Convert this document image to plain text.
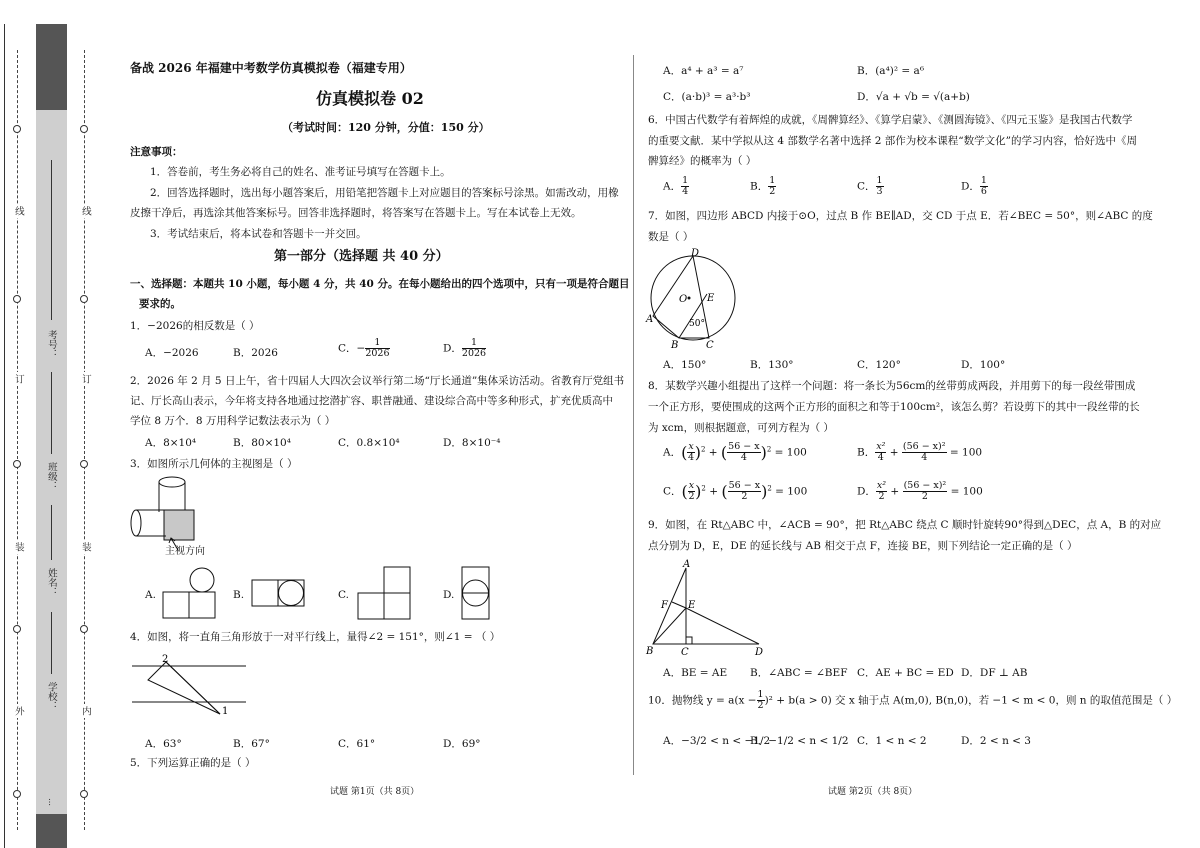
线
订
装
外
线
订
装
内
考号：
班级：
姓名：
学校：
…
备战 2026 年福建中考数学仿真模拟卷（福建专用）
仿真模拟卷 02
（考试时间：120 分钟，分值：150 分）
注意事项：
1．答卷前，考生务必将自己的姓名、准考证号填写在答题卡上。
2．回答选择题时，选出每小题答案后，用铅笔把答题卡上对应题目的答案标号涂黑。如需改动，用橡
皮擦干净后，再选涂其他答案标号。回答非选择题时，将答案写在答题卡上。写在本试卷上无效。
3．考试结束后，将本试卷和答题卡一并交回。
第一部分（选择题 共 40 分）
一、选择题：本题共 10 小题，每小题 4 分，共 40 分。在每小题给出的四个选项中，只有一项是符合题目
要求的。
1．−2026的相反数是（ ）
A．−2026	B．2026	C．− $\frac{1}{2026}$	D． $\frac{1}{2026}$
2．2026 年 2 月 5 日上午，省十四届人大四次会议举行第二场“厅长通道”集体采访活动。省教育厅党组书
记、厅长高山表示，今年将支持各地通过挖潜扩容、职普融通、建设综合高中等多种形式，扩充优质高中
学位 8 万个．8 万用科学记数法表示为（ ）
A．8×10⁴	B．80×10⁴	C．0.8×10⁴	D．8×10⁻⁴
3．如图所示几何体的主视图是（ ）
主视方向
A.	B.	C.	D.
4．如图，将一直角三角形放于一对平行线上，量得∠2 = 151°，则∠1 = （ ）
2
1
A．63°	B．67°	C．61°	D．69°
5．下列运算正确的是（ ）
试题 第1页（共 8页）
A．a⁴ + a³ = a⁷	B．(a⁴)² = a⁶
C．(a·b)³ = a³·b³	D．√a + √b = √(a+b)
6．中国古代数学有着辉煌的成就，《周髀算经》、《算学启蒙》、《测圆海镜》、《四元玉鉴》是我国古代数学
的重要文献．某中学拟从这 4 部数学名著中选择 2 部作为校本课程“数学文化”的学习内容，恰好选中《周
髀算经》的概率为（ ）
A． $\frac{1}{4}$	B． $\frac{1}{2}$	C． $\frac{1}{3}$	D． $\frac{1}{6}$
7．如图，四边形 ABCD 内接于⊙O，过点 B 作 BE∥AD，交 CD 于点 E．若∠BEC = 50°，则∠ABC 的度
数是（ ）
D
A
B	C
E
O
50°
A．150°	B．130°	C．120°	D．100°
8．某数学兴趣小组提出了这样一个问题：将一条长为56cm的丝带剪成两段，并用剪下的每一段丝带围成
一个正方形，要使围成的这两个正方形的面积之和等于100cm²，该怎么剪？若设剪下的其中一段丝带的长
为 xcm，则根据题意，可列方程为（ ）
A．( $\frac{x}{4} )^2$ + ( $\frac{56 - x}{4} )^2 = 100$	B． $\frac{\text{x²}}{4} + \frac{\text{(56 − x)²}}{4} = 100$
C．( $\frac{x}{2} )^2$ + ( $\frac{56 - x}{2} )^2 = 100$	D． $\frac{\text{x²}}{2} + \frac{\text{(56 − x)²}}{2} = 100$
9．如图，在 Rt△ABC 中，∠ACB = 90°，把 Rt△ABC 绕点 C 顺时针旋转90°得到△DEC，点 A，B 的对应
点分别为 D，E，DE 的延长线与 AB 相交于点 F，连接 BE，则下列结论一定正确的是（ ）
A
B	C	D
E
F
A．BE = AE B．∠ABC = ∠BEF C．AE + BC = ED D．DF ⊥ AB
10．抛物线 $y = a(x - \frac{1}{2} )^2 + b(a > 0)$ 交 x 轴于点 A(m,0), B(n,0)，若 −1 < m < 0，则 n 的取值范围是（ ）
A．−3/2 < n < −1/2
B．−1/2 < n < 1/2 C．1 < n < 2	D．2 < n < 3
试题 第2页（共 8页）
